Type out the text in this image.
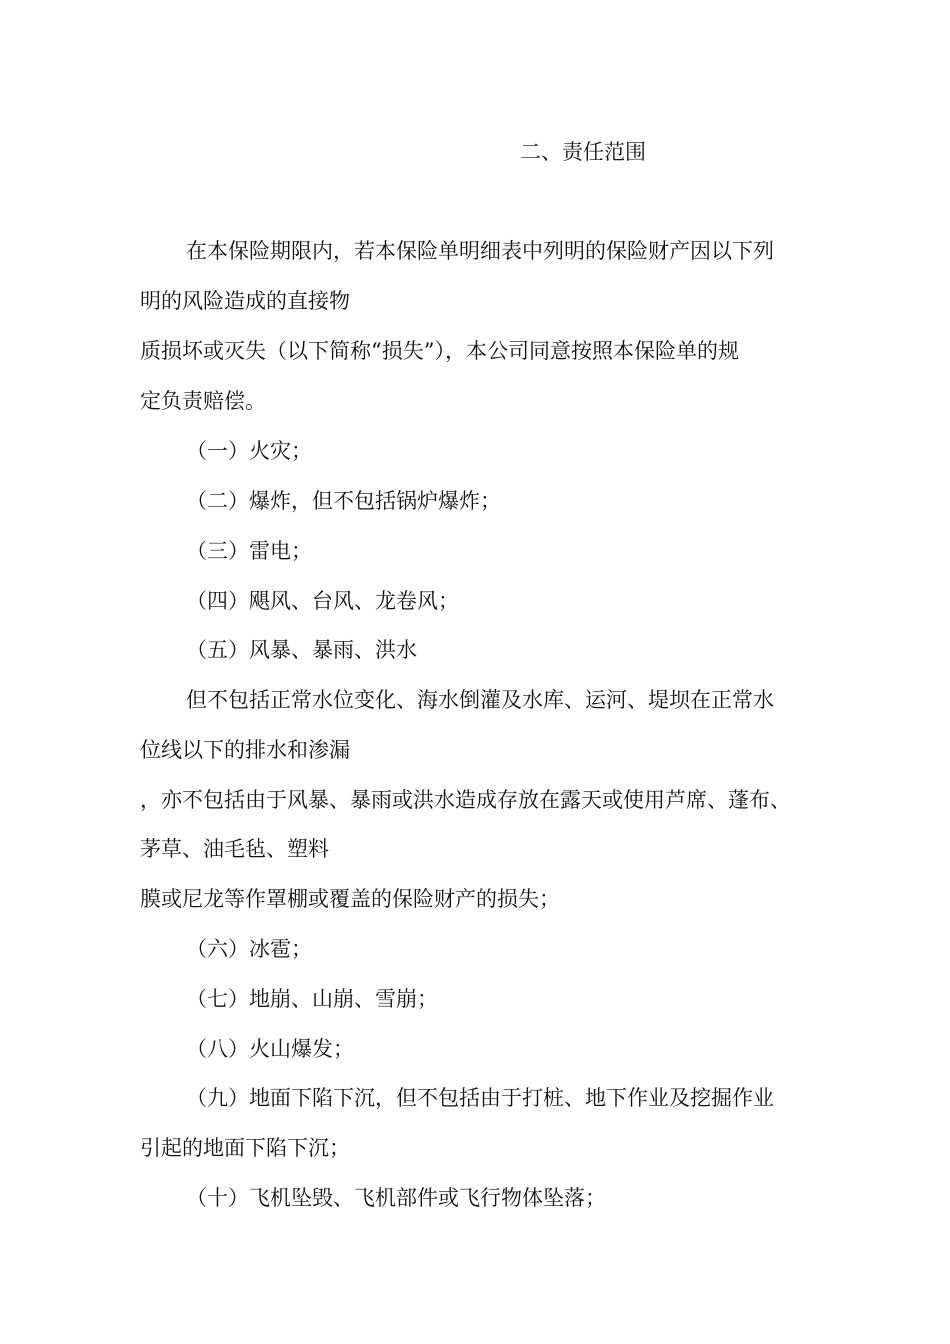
二、责任范围

在本保险期限内，若本保险单明细表中列明的保险财产因以下列

明的风险造成的直接物

质损坏或灭失（以下简称“损失”），本公司同意按照本保险单的规

定负责赔偿。

（一）火灾；

（二）爆炸，但不包括锅炉爆炸；

（三）雷电；

（四）飓风、台风、龙卷风；

（五）风暴、暴雨、洪水

但不包括正常水位变化、海水倒灌及水库、运河、堤坝在正常水

位线以下的排水和渗漏

，亦不包括由于风暴、暴雨或洪水造成存放在露天或使用芦席、蓬布、

茅草、油毛毡、塑料

膜或尼龙等作罩棚或覆盖的保险财产的损失；

（六）冰雹；

（七）地崩、山崩、雪崩；

（八）火山爆发；

（九）地面下陷下沉，但不包括由于打桩、地下作业及挖掘作业

引起的地面下陷下沉；

（十）飞机坠毁、飞机部件或飞行物体坠落；
